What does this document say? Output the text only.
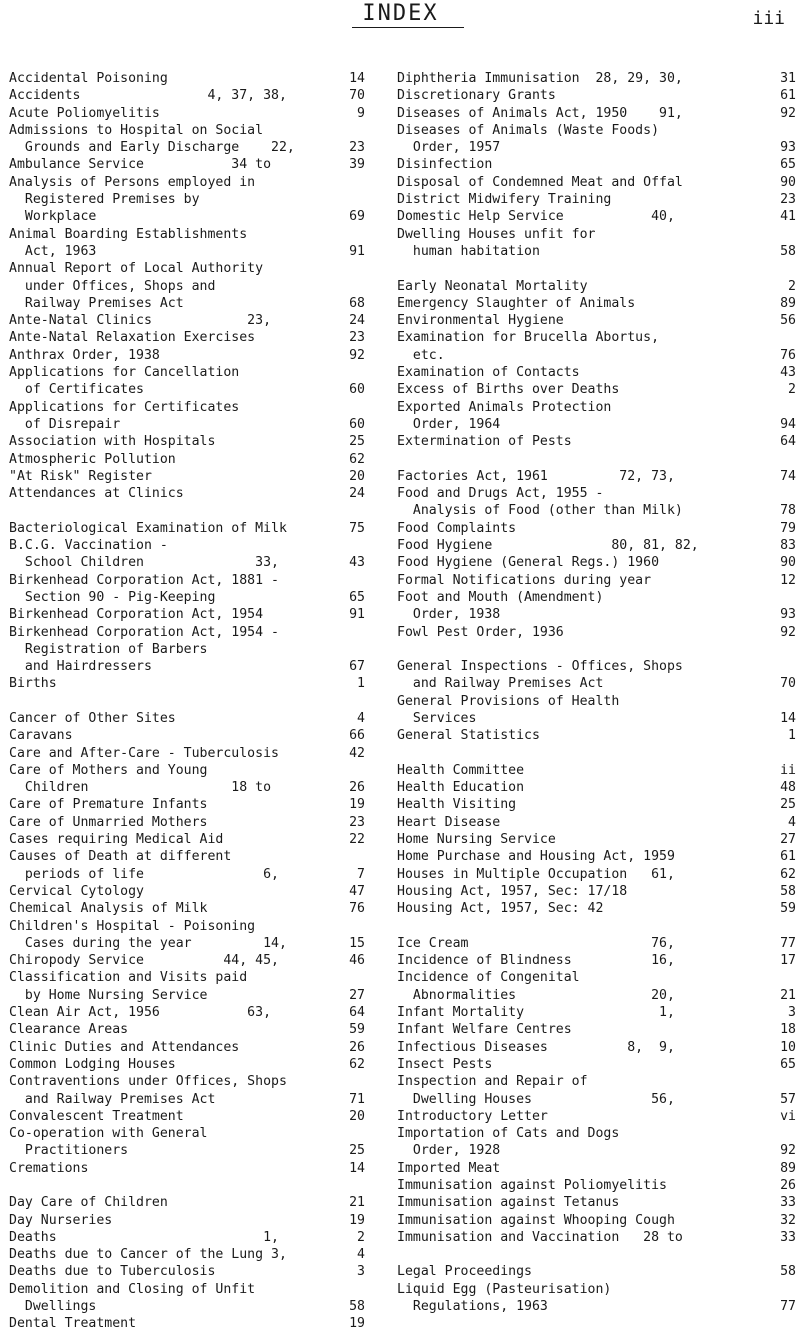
INDEX	iii
Accidental Poisoning	14
Accidents                4, 37, 38,	70
Acute Poliomyelitis	9
Admissions to Hospital on Social
Grounds and Early Discharge    22,	23
Ambulance Service           34 to	39
Analysis of Persons employed in
Registered Premises by
Workplace	69
Animal Boarding Establishments
Act, 1963	91
Annual Report of Local Authority
under Offices, Shops and
Railway Premises Act	68
Ante-Natal Clinics            23,	24
Ante-Natal Relaxation Exercises	23
Anthrax Order, 1938	92
Applications for Cancellation
of Certificates	60
Applications for Certificates
of Disrepair	60
Association with Hospitals	25
Atmospheric Pollution	62
"At Risk" Register	20
Attendances at Clinics	24
Bacteriological Examination of Milk	75
B.C.G. Vaccination -
School Children              33,	43
Birkenhead Corporation Act, 1881 -
Section 90 - Pig-Keeping	65
Birkenhead Corporation Act, 1954	91
Birkenhead Corporation Act, 1954 -
Registration of Barbers
and Hairdressers	67
Births	1
Cancer of Other Sites	4
Caravans	66
Care and After-Care - Tuberculosis	42
Care of Mothers and Young
Children                  18 to	26
Care of Premature Infants	19
Care of Unmarried Mothers	23
Cases requiring Medical Aid	22
Causes of Death at different
periods of life               6,	7
Cervical Cytology	47
Chemical Analysis of Milk	76
Children's Hospital - Poisoning
Cases during the year         14,	15
Chiropody Service          44, 45,	46
Classification and Visits paid
by Home Nursing Service	27
Clean Air Act, 1956           63,	64
Clearance Areas	59
Clinic Duties and Attendances	26
Common Lodging Houses	62
Contraventions under Offices, Shops
and Railway Premises Act	71
Convalescent Treatment	20
Co-operation with General
Practitioners	25
Cremations	14
Day Care of Children	21
Day Nurseries	19
Deaths                          1,	2
Deaths due to Cancer of the Lung 3,	4
Deaths due to Tuberculosis	3
Demolition and Closing of Unfit
Dwellings	58
Dental Treatment	19
Diphtheria Immunisation  28, 29, 30,	31
Discretionary Grants	61
Diseases of Animals Act, 1950    91,	92
Diseases of Animals (Waste Foods)
Order, 1957	93
Disinfection	65
Disposal of Condemned Meat and Offal	90
District Midwifery Training	23
Domestic Help Service           40,	41
Dwelling Houses unfit for
human habitation	58
Early Neonatal Mortality	2
Emergency Slaughter of Animals	89
Environmental Hygiene	56
Examination for Brucella Abortus,
etc.	76
Examination of Contacts	43
Excess of Births over Deaths	2
Exported Animals Protection
Order, 1964	94
Extermination of Pests	64
Factories Act, 1961         72, 73,	74
Food and Drugs Act, 1955 -
Analysis of Food (other than Milk)	78
Food Complaints	79
Food Hygiene               80, 81, 82,	83
Food Hygiene (General Regs.) 1960	90
Formal Notifications during year	12
Foot and Mouth (Amendment)
Order, 1938	93
Fowl Pest Order, 1936	92
General Inspections - Offices, Shops
and Railway Premises Act	70
General Provisions of Health
Services	14
General Statistics	1
Health Committee	ii
Health Education	48
Health Visiting	25
Heart Disease	4
Home Nursing Service	27
Home Purchase and Housing Act, 1959	61
Houses in Multiple Occupation   61,	62
Housing Act, 1957, Sec: 17/18	58
Housing Act, 1957, Sec: 42	59
Ice Cream                       76,	77
Incidence of Blindness          16,	17
Incidence of Congenital
Abnormalities                 20,	21
Infant Mortality                 1,	3
Infant Welfare Centres	18
Infectious Diseases          8,  9,	10
Insect Pests	65
Inspection and Repair of
Dwelling Houses               56,	57
Introductory Letter	vi
Importation of Cats and Dogs
Order, 1928	92
Imported Meat	89
Immunisation against Poliomyelitis	26
Immunisation against Tetanus	33
Immunisation against Whooping Cough	32
Immunisation and Vaccination   28 to	33
Legal Proceedings	58
Liquid Egg (Pasteurisation)
Regulations, 1963	77
